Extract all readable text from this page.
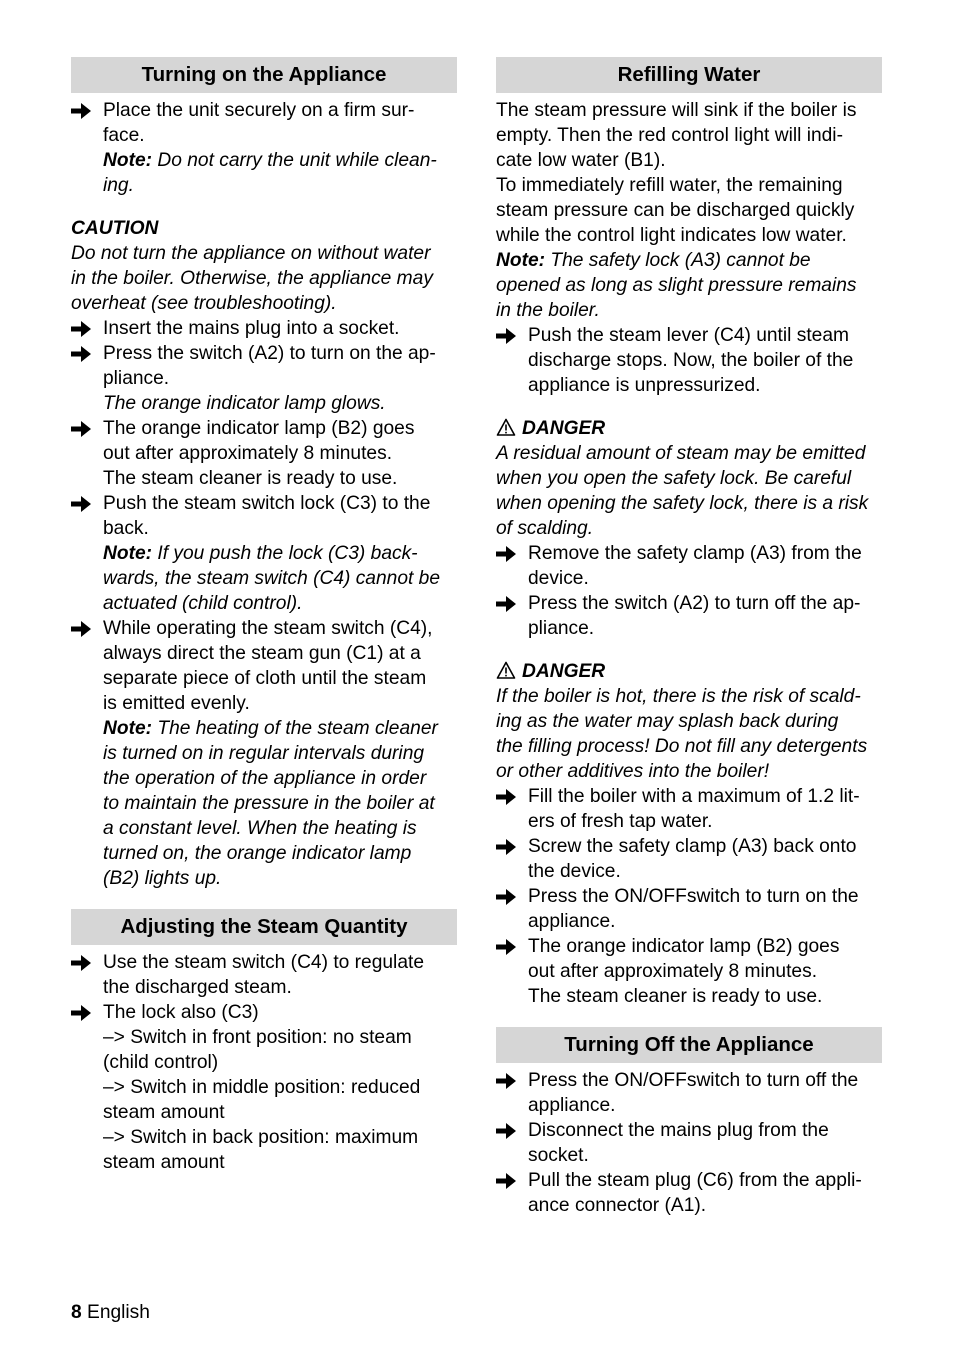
Turning on the Appliance
Place the unit securely on a firm sur-
face.
Note: Do not carry the unit while clean-
ing.
CAUTION
Do not turn the appliance on without water
in the boiler. Otherwise, the appliance may
overheat (see troubleshooting).
Insert the mains plug into a socket.
Press the switch (A2) to turn on the ap-
pliance.
The orange indicator lamp glows.
The orange indicator lamp (B2) goes
out after approximately 8 minutes.
The steam cleaner is ready to use.
Push the steam switch lock (C3) to the
back.
Note: If you push the lock (C3) back-
wards, the steam switch (C4) cannot be
actuated (child control).
While operating the steam switch (C4),
always direct the steam gun (C1) at a
separate piece of cloth until the steam
is emitted evenly.
Note: The heating of the steam cleaner
is turned on in regular intervals during
the operation of the appliance in order
to maintain the pressure in the boiler at
a constant level. When the heating is
turned on, the orange indicator lamp
(B2) lights up.
Adjusting the Steam Quantity
Use the steam switch (C4) to regulate
the discharged steam.
The lock also (C3)
–> Switch in front position: no steam
(child control)
–> Switch in middle position: reduced
steam amount
–> Switch in back position: maximum
steam amount
Refilling Water
The steam pressure will sink if the boiler is
empty. Then the red control light will indi-
cate low water (B1).
To immediately refill water, the remaining
steam pressure can be discharged quickly
while the control light indicates low water.
Note: The safety lock (A3) cannot be
opened as long as slight pressure remains
in the boiler.
Push the steam lever (C4) until steam
discharge stops. Now, the boiler of the
appliance is unpressurized.
DANGER
A residual amount of steam may be emitted
when you open the safety lock. Be careful
when opening the safety lock, there is a risk
of scalding.
Remove the safety clamp (A3) from the
device.
Press the switch (A2) to turn off the ap-
pliance.
DANGER
If the boiler is hot, there is the risk of scald-
ing as the water may splash back during
the filling process! Do not fill any detergents
or other additives into the boiler!
Fill the boiler with a maximum of 1.2 lit-
ers of fresh tap water.
Screw the safety clamp (A3) back onto
the device.
Press the ON/OFFswitch to turn on the
appliance.
The orange indicator lamp (B2) goes
out after approximately 8 minutes.
The steam cleaner is ready to use.
Turning Off the Appliance
Press the ON/OFFswitch to turn off the
appliance.
Disconnect the mains plug from the
socket.
Pull the steam plug (C6) from the appli-
ance connector (A1).
8 English
